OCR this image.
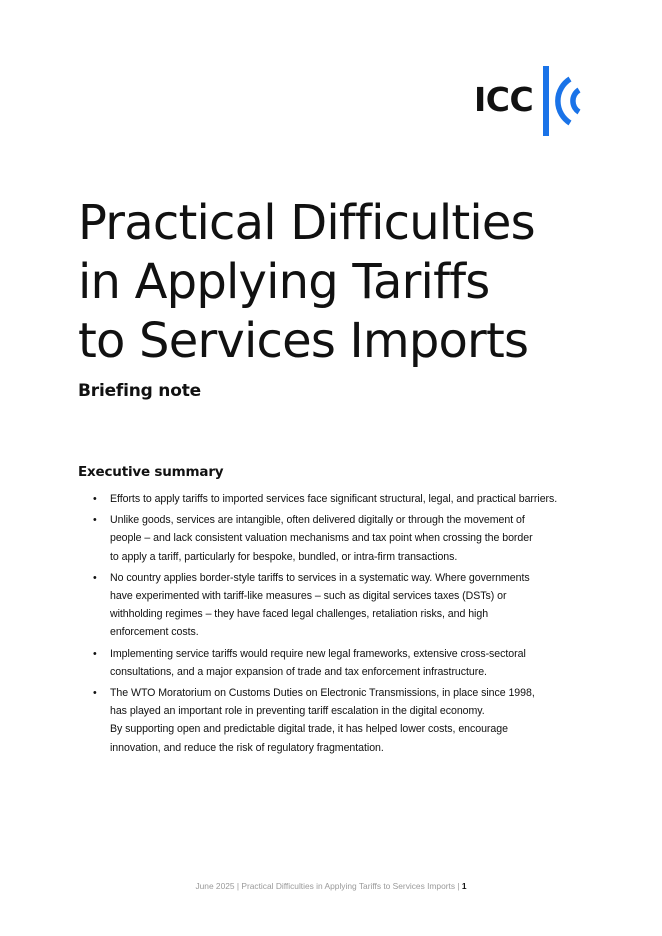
ICC
Practical Difficulties
in Applying Tariffs
to Services Imports
Briefing note
Executive summary
• Efforts to apply tariffs to imported services face significant structural, legal, and practical barriers.
• Unlike goods, services are intangible, often delivered digitally or through the movement of
people – and lack consistent valuation mechanisms and tax point when crossing the border
to apply a tariff, particularly for bespoke, bundled, or intra-firm transactions.
• No country applies border-style tariffs to services in a systematic way. Where governments
have experimented with tariff-like measures – such as digital services taxes (DSTs) or
withholding regimes – they have faced legal challenges, retaliation risks, and high
enforcement costs.
• Implementing service tariffs would require new legal frameworks, extensive cross-sectoral
consultations, and a major expansion of trade and tax enforcement infrastructure.
• The WTO Moratorium on Customs Duties on Electronic Transmissions, in place since 1998,
has played an important role in preventing tariff escalation in the digital economy.
By supporting open and predictable digital trade, it has helped lower costs, encourage
innovation, and reduce the risk of regulatory fragmentation.
June 2025 | Practical Difficulties in Applying Tariffs to Services Imports | 1
